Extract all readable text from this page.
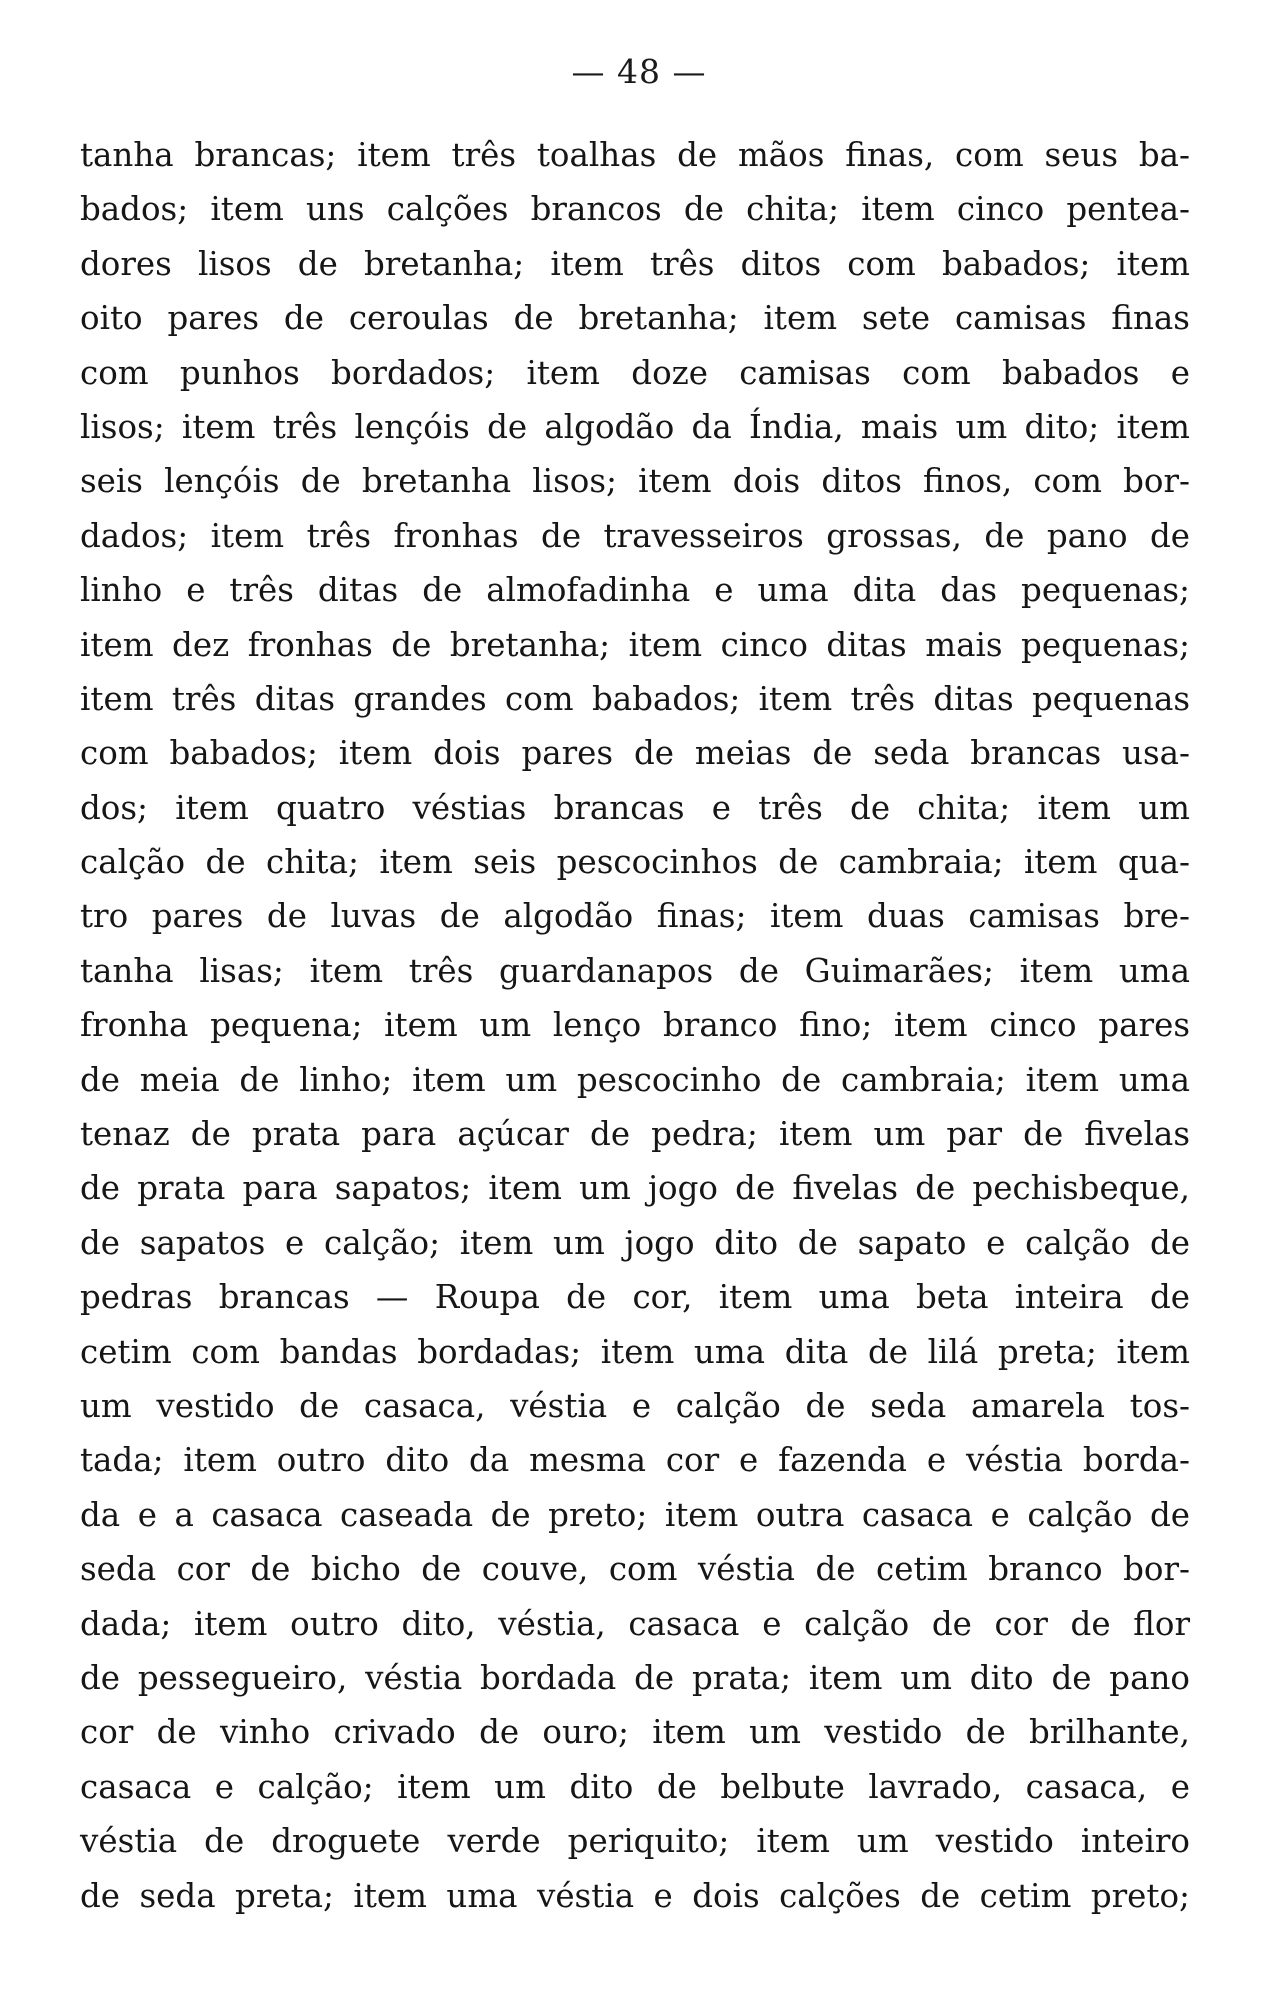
— 48 —
tanha brancas; item três toalhas de mãos finas, com seus ba-
bados; item uns calções brancos de chita; item cinco pentea-
dores lisos de bretanha; item três ditos com babados; item
oito pares de ceroulas de bretanha; item sete camisas finas
com punhos bordados; item doze camisas com babados e
lisos; item três lençóis de algodão da Índia, mais um dito; item
seis lençóis de bretanha lisos; item dois ditos finos, com bor-
dados; item três fronhas de travesseiros grossas, de pano de
linho e três ditas de almofadinha e uma dita das pequenas;
item dez fronhas de bretanha; item cinco ditas mais pequenas;
item três ditas grandes com babados; item três ditas pequenas
com babados; item dois pares de meias de seda brancas usa-
dos; item quatro véstias brancas e três de chita; item um
calção de chita; item seis pescocinhos de cambraia; item qua-
tro pares de luvas de algodão finas; item duas camisas bre-
tanha lisas; item três guardanapos de Guimarães; item uma
fronha pequena; item um lenço branco fino; item cinco pares
de meia de linho; item um pescocinho de cambraia; item uma
tenaz de prata para açúcar de pedra; item um par de fivelas
de prata para sapatos; item um jogo de fivelas de pechisbeque,
de sapatos e calção; item um jogo dito de sapato e calção de
pedras brancas — Roupa de cor, item uma beta inteira de
cetim com bandas bordadas; item uma dita de lilá preta; item
um vestido de casaca, véstia e calção de seda amarela tos-
tada; item outro dito da mesma cor e fazenda e véstia borda-
da e a casaca caseada de preto; item outra casaca e calção de
seda cor de bicho de couve, com véstia de cetim branco bor-
dada; item outro dito, véstia, casaca e calção de cor de flor
de pessegueiro, véstia bordada de prata; item um dito de pano
cor de vinho crivado de ouro; item um vestido de brilhante,
casaca e calção; item um dito de belbute lavrado, casaca, e
véstia de droguete verde periquito; item um vestido inteiro
de seda preta; item uma véstia e dois calções de cetim preto;
